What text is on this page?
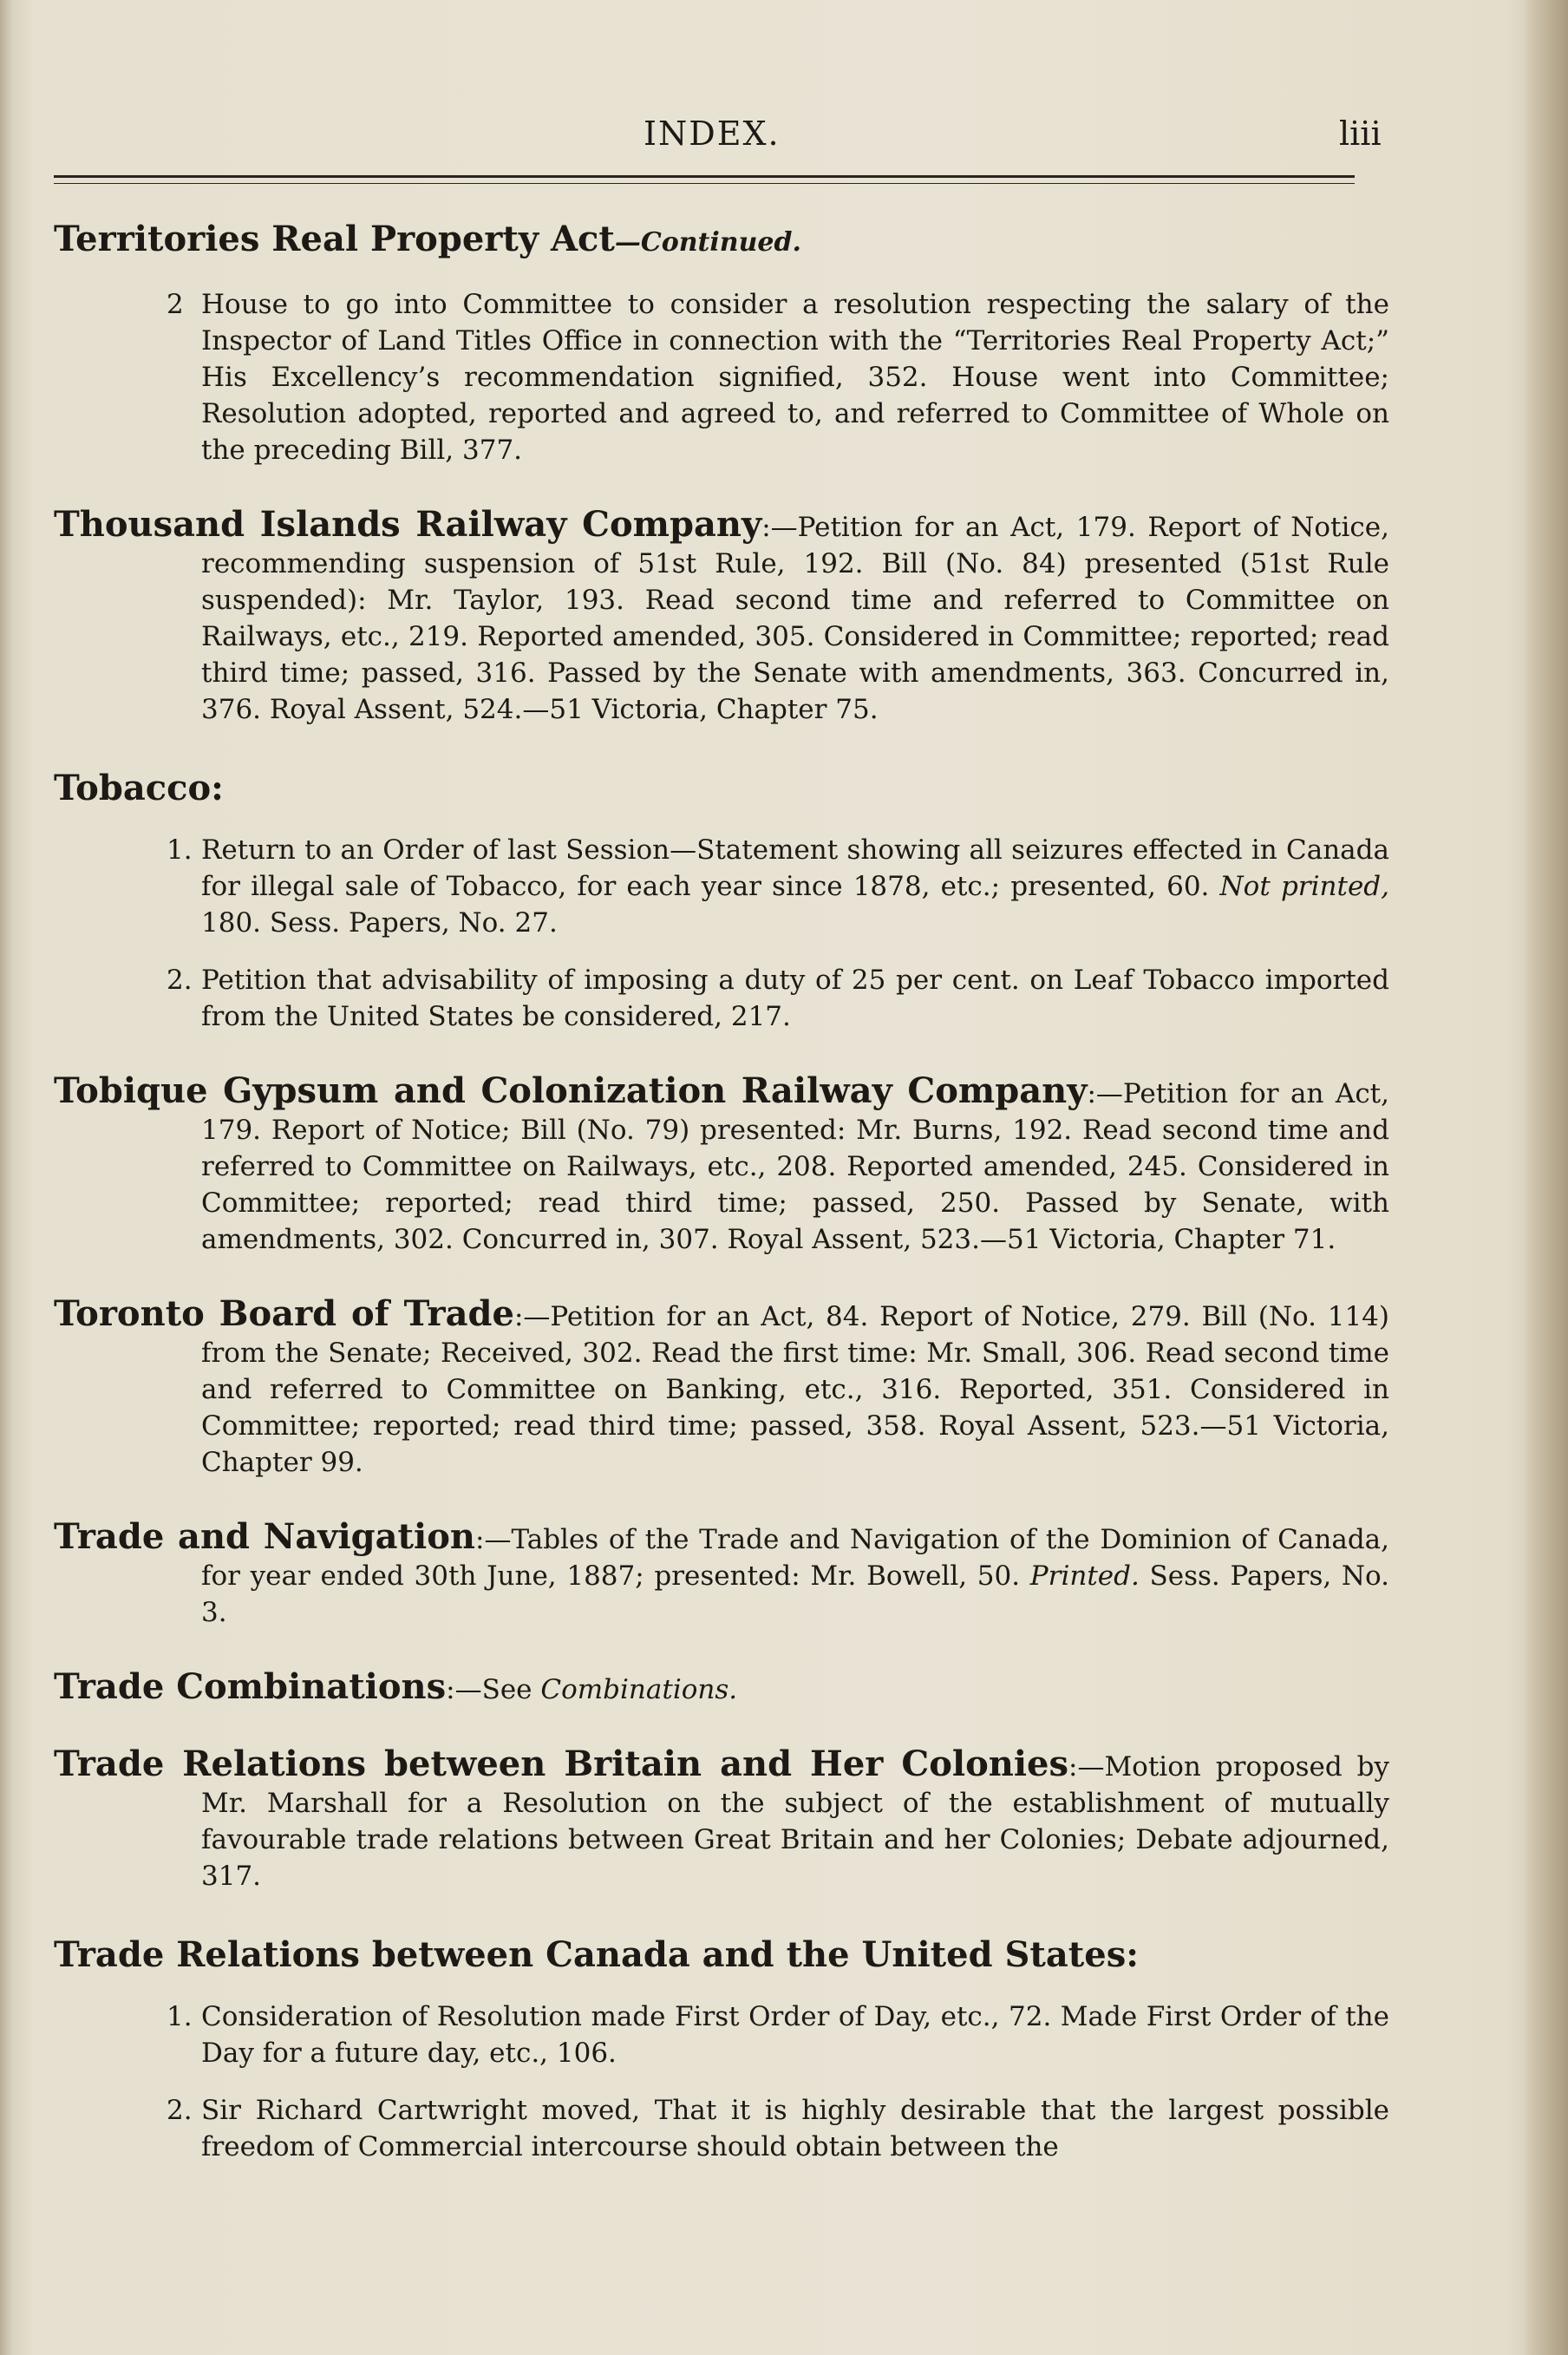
INDEX.	liii
Territories Real Property Act—Continued.
2 House to go into Committee to consider a resolution respecting the salary of the Inspector of Land Titles Office in connection with the “Territories Real Property Act;” His Excellency’s recommendation signified, 352. House went into Committee; Resolution adopted, reported and agreed to, and referred to Committee of Whole on the preceding Bill, 377.
Thousand Islands Railway Company:—Petition for an Act, 179. Report of Notice, recommending suspension of 51st Rule, 192. Bill (No. 84) presented (51st Rule suspended): Mr. Taylor, 193. Read second time and referred to Committee on Railways, etc., 219. Reported amended, 305. Considered in Committee; reported; read third time; passed, 316. Passed by the Senate with amendments, 363. Concurred in, 376. Royal Assent, 524.—51 Victoria, Chapter 75.
Tobacco:
1. Return to an Order of last Session—Statement showing all seizures effected in Canada for illegal sale of Tobacco, for each year since 1878, etc.; presented, 60. Not printed, 180. Sess. Papers, No. 27.
2. Petition that advisability of imposing a duty of 25 per cent. on Leaf Tobacco imported from the United States be considered, 217.
Tobique Gypsum and Colonization Railway Company:—Petition for an Act, 179. Report of Notice; Bill (No. 79) presented: Mr. Burns, 192. Read second time and referred to Committee on Railways, etc., 208. Reported amended, 245. Considered in Committee; reported; read third time; passed, 250. Passed by Senate, with amendments, 302. Concurred in, 307. Royal Assent, 523.—51 Victoria, Chapter 71.
Toronto Board of Trade:—Petition for an Act, 84. Report of Notice, 279. Bill (No. 114) from the Senate; Received, 302. Read the first time: Mr. Small, 306. Read second time and referred to Committee on Banking, etc., 316. Reported, 351. Considered in Committee; reported; read third time; passed, 358. Royal Assent, 523.—51 Victoria, Chapter 99.
Trade and Navigation:—Tables of the Trade and Navigation of the Dominion of Canada, for year ended 30th June, 1887; presented: Mr. Bowell, 50. Printed. Sess. Papers, No. 3.
Trade Combinations:—See Combinations.
Trade Relations between Britain and Her Colonies:—Motion proposed by Mr. Marshall for a Resolution on the subject of the establishment of mutually favourable trade relations between Great Britain and her Colonies; Debate adjourned, 317.
Trade Relations between Canada and the United States:
1. Consideration of Resolution made First Order of Day, etc., 72. Made First Order of the Day for a future day, etc., 106.
2. Sir Richard Cartwright moved, That it is highly desirable that the largest possible freedom of Commercial intercourse should obtain between the
